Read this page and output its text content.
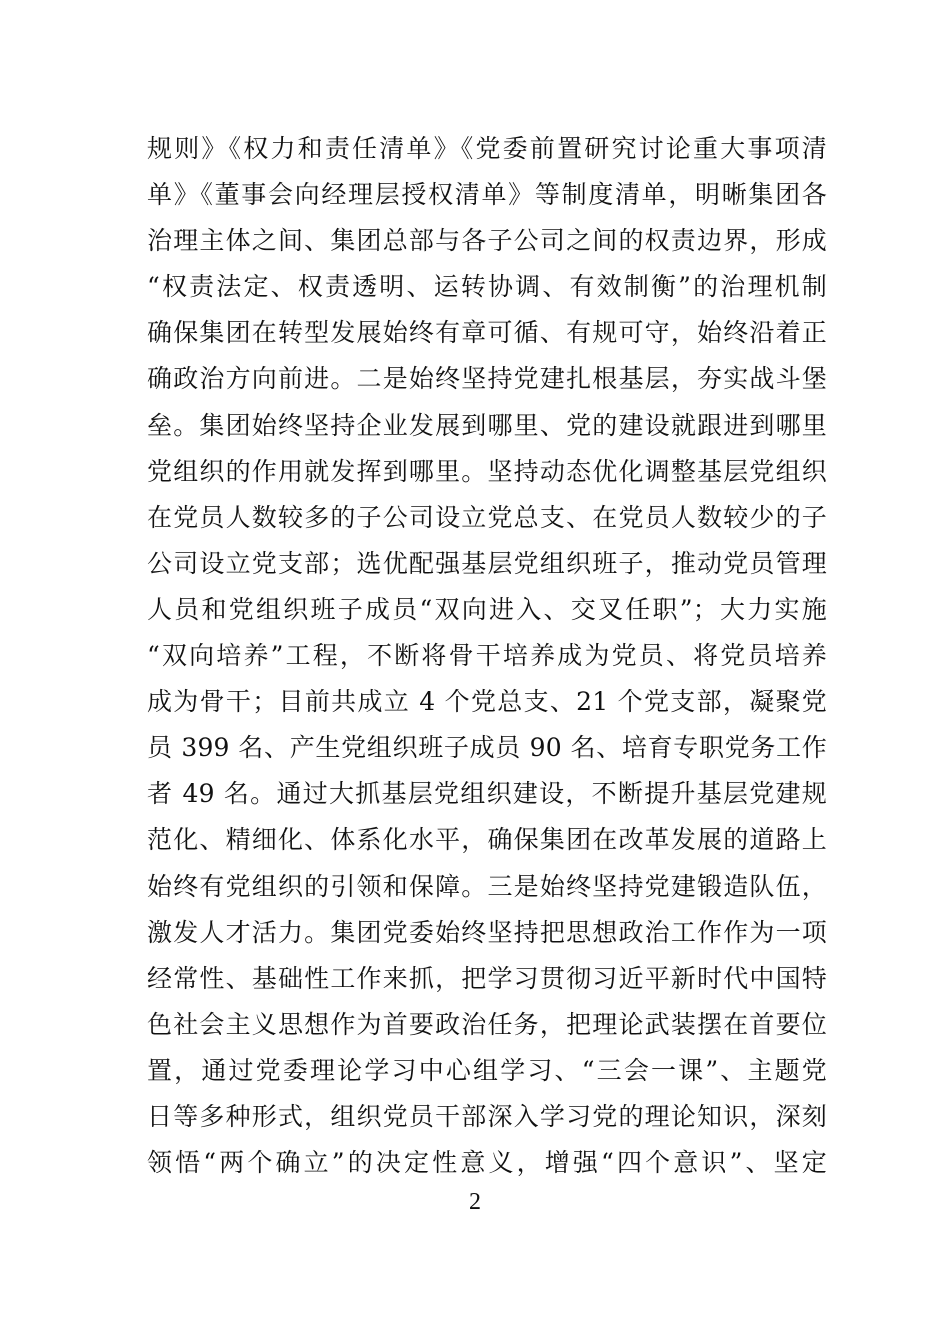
规则》《权力和责任清单》《党委前置研究讨论重大事项清
单》《董事会向经理层授权清单》等制度清单，明晰集团各
治理主体之间、集团总部与各子公司之间的权责边界，形成
“权责法定、权责透明、运转协调、有效制衡”的治理机制
确保集团在转型发展始终有章可循、有规可守，始终沿着正
确政治方向前进。二是始终坚持党建扎根基层，夯实战斗堡
垒。集团始终坚持企业发展到哪里、党的建设就跟进到哪里
党组织的作用就发挥到哪里。坚持动态优化调整基层党组织
在党员人数较多的子公司设立党总支、在党员人数较少的子
公司设立党支部；选优配强基层党组织班子，推动党员管理
人员和党组织班子成员“双向进入、交叉任职”；大力实施
“双向培养”工程，不断将骨干培养成为党员、将党员培养
成为骨干；目前共成立 4 个党总支、21 个党支部，凝聚党
员 399 名、产生党组织班子成员 90 名、培育专职党务工作
者 49 名。通过大抓基层党组织建设，不断提升基层党建规
范化、精细化、体系化水平，确保集团在改革发展的道路上
始终有党组织的引领和保障。三是始终坚持党建锻造队伍，
激发人才活力。集团党委始终坚持把思想政治工作作为一项
经常性、基础性工作来抓，把学习贯彻习近平新时代中国特
色社会主义思想作为首要政治任务，把理论武装摆在首要位
置，通过党委理论学习中心组学习、“三会一课”、主题党
日等多种形式，组织党员干部深入学习党的理论知识，深刻
领悟“两个确立”的决定性意义，增强“四个意识”、坚定
2
